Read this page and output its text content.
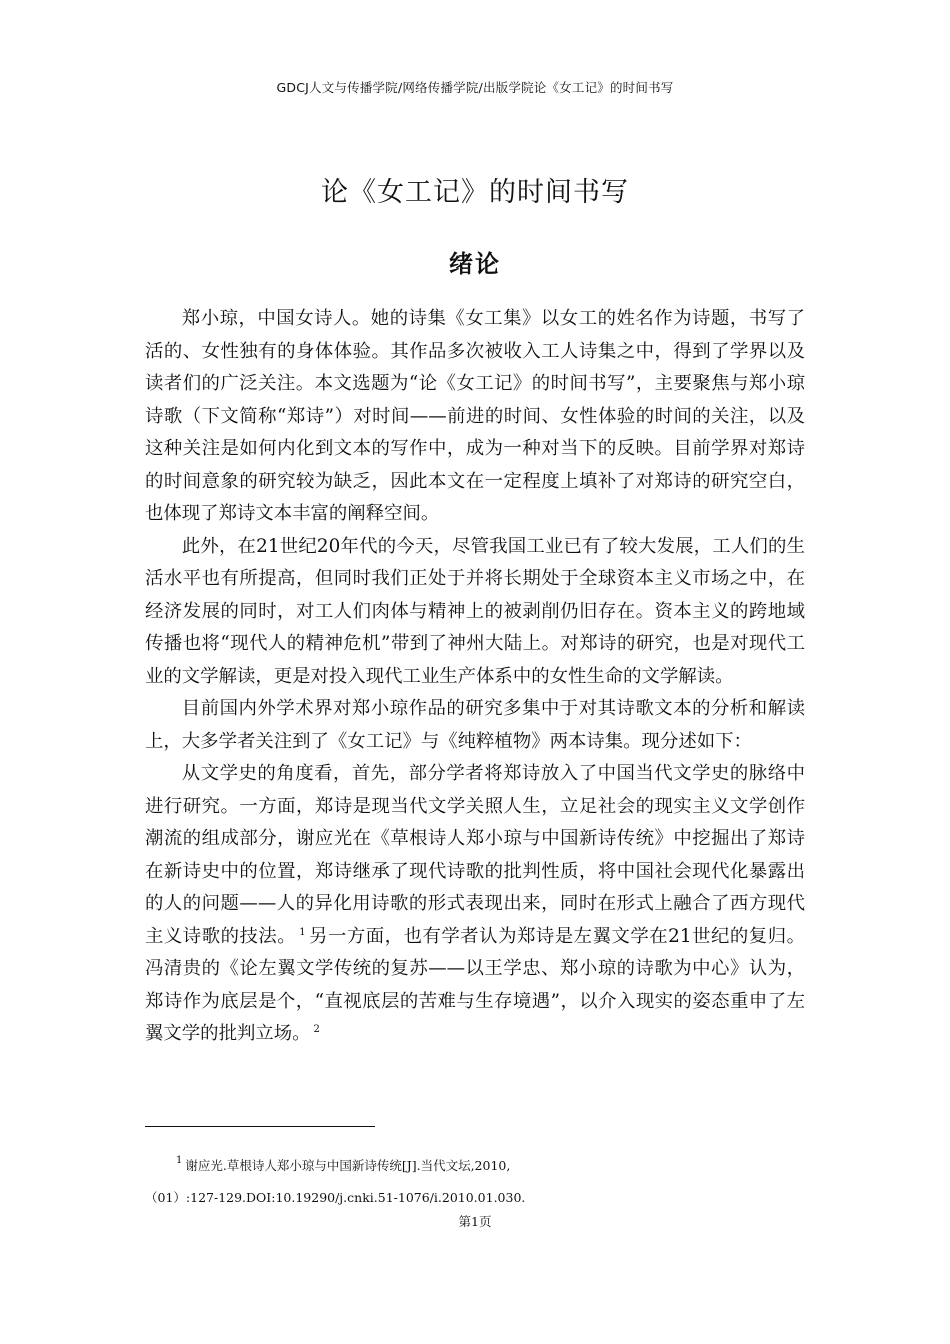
GDCJ人文与传播学院/网络传播学院/出版学院论《女工记》的时间书写
论《女工记》的时间书写
绪论

郑小琼，中国女诗人。她的诗集《女工集》以女工的姓名作为诗题，书写了活的、女性独有的身体体验。其作品多次被收入工人诗集之中，得到了学界以及读者们的广泛关注。本文选题为“论《女工记》的时间书写”，主要聚焦与郑小琼诗歌（下文简称“郑诗”）对时间——前进的时间、女性体验的时间的关注，以及这种关注是如何内化到文本的写作中，成为一种对当下的反映。目前学界对郑诗的时间意象的研究较为缺乏，因此本文在一定程度上填补了对郑诗的研究空白，也体现了郑诗文本丰富的阐释空间。

此外，在21世纪20年代的今天，尽管我国工业已有了较大发展，工人们的生活水平也有所提高，但同时我们正处于并将长期处于全球资本主义市场之中，在经济发展的同时，对工人们肉体与精神上的被剥削仍旧存在。资本主义的跨地域传播也将“现代人的精神危机”带到了神州大陆上。对郑诗的研究，也是对现代工业的文学解读，更是对投入现代工业生产体系中的女性生命的文学解读。

目前国内外学术界对郑小琼作品的研究多集中于对其诗歌文本的分析和解读上，大多学者关注到了《女工记》与《纯粹植物》两本诗集。现分述如下：

从文学史的角度看，首先，部分学者将郑诗放入了中国当代文学史的脉络中进行研究。一方面，郑诗是现当代文学关照人生，立足社会的现实主义文学创作潮流的组成部分，谢应光在《草根诗人郑小琼与中国新诗传统》中挖掘出了郑诗在新诗史中的位置，郑诗继承了现代诗歌的批判性质，将中国社会现代化暴露出的人的问题——人的异化用诗歌的形式表现出来，同时在形式上融合了西方现代主义诗歌的技法。 $^1$ 另一方面，也有学者认为郑诗是左翼文学在21世纪的复归。冯清贵的《论左翼文学传统的复苏——以王学忠、郑小琼的诗歌为中心》认为，郑诗作为底层是个，“直视底层的苦难与生存境遇”，以介入现实的姿态重申了左翼文学的批判立场。 $^2$

$^1$ 谢应光.草根诗人郑小琼与中国新诗传统[J].当代文坛,2010,
（01）:127-129.DOI:10.19290/j.cnki.51-1076/i.2010.01.030.
第1页
